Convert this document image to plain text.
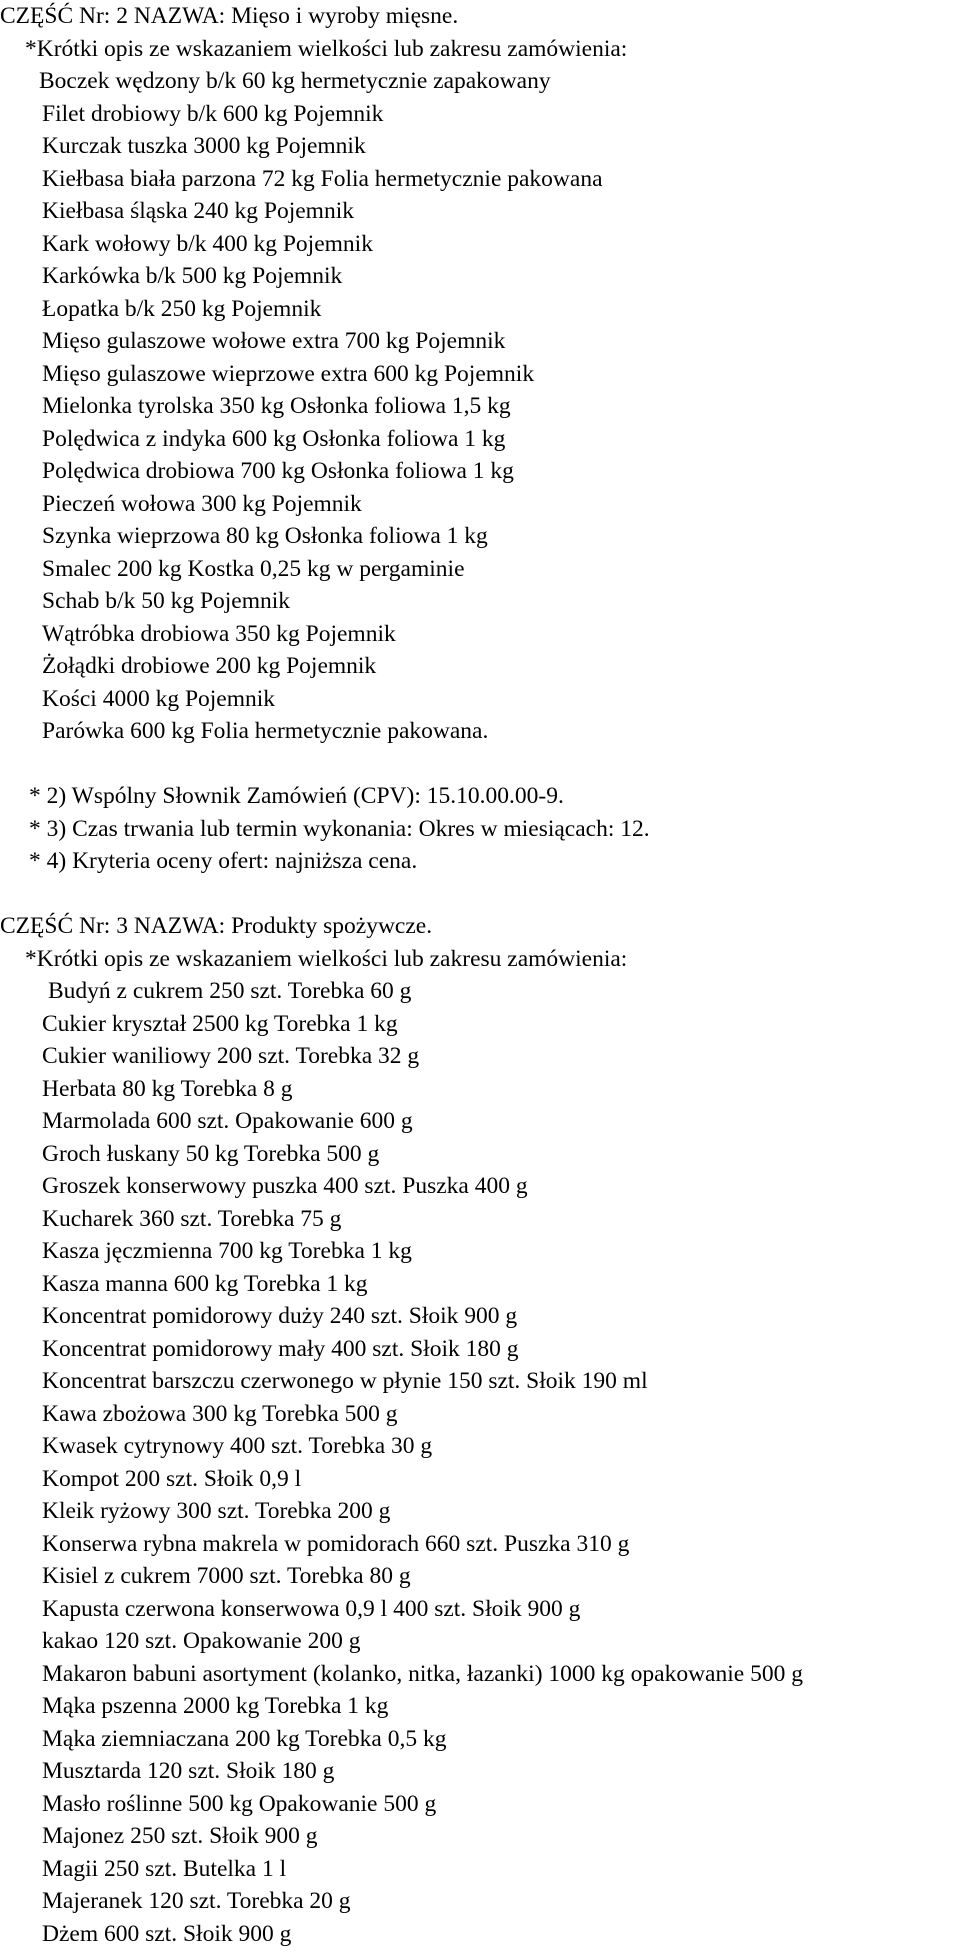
CZĘŚĆ Nr: 2 NAZWA: Mięso i wyroby mięsne.
*Krótki opis ze wskazaniem wielkości lub zakresu zamówienia:
Boczek wędzony b/k 60 kg hermetycznie zapakowany
Filet drobiowy b/k 600 kg Pojemnik
Kurczak tuszka 3000 kg Pojemnik
Kiełbasa biała parzona 72 kg Folia hermetycznie pakowana
Kiełbasa śląska 240 kg Pojemnik
Kark wołowy b/k 400 kg Pojemnik
Karkówka b/k 500 kg Pojemnik
Łopatka b/k 250 kg Pojemnik
Mięso gulaszowe wołowe extra 700 kg Pojemnik
Mięso gulaszowe wieprzowe extra 600 kg Pojemnik
Mielonka tyrolska 350 kg Osłonka foliowa 1,5 kg
Polędwica z indyka 600 kg Osłonka foliowa 1 kg
Polędwica drobiowa 700 kg Osłonka foliowa 1 kg
Pieczeń wołowa 300 kg Pojemnik
Szynka wieprzowa 80 kg Osłonka foliowa 1 kg
Smalec 200 kg Kostka 0,25 kg w pergaminie
Schab b/k 50 kg Pojemnik
Wątróbka drobiowa 350 kg Pojemnik
Żołądki drobiowe 200 kg Pojemnik
Kości 4000 kg Pojemnik
Parówka 600 kg Folia hermetycznie pakowana.
* 2) Wspólny Słownik Zamówień (CPV): 15.10.00.00-9.
* 3) Czas trwania lub termin wykonania: Okres w miesiącach: 12.
* 4) Kryteria oceny ofert: najniższa cena.
CZĘŚĆ Nr: 3 NAZWA: Produkty spożywcze.
*Krótki opis ze wskazaniem wielkości lub zakresu zamówienia:
Budyń z cukrem 250 szt. Torebka 60 g
Cukier kryształ 2500 kg Torebka 1 kg
Cukier waniliowy 200 szt. Torebka 32 g
Herbata 80 kg Torebka 8 g
Marmolada 600 szt. Opakowanie 600 g
Groch łuskany 50 kg Torebka 500 g
Groszek konserwowy puszka 400 szt. Puszka 400 g
Kucharek 360 szt. Torebka 75 g
Kasza jęczmienna 700 kg Torebka 1 kg
Kasza manna 600 kg Torebka 1 kg
Koncentrat pomidorowy duży 240 szt. Słoik 900 g
Koncentrat pomidorowy mały 400 szt. Słoik 180 g
Koncentrat barszczu czerwonego w płynie 150 szt. Słoik 190 ml
Kawa zbożowa 300 kg Torebka 500 g
Kwasek cytrynowy 400 szt. Torebka 30 g
Kompot 200 szt. Słoik 0,9 l
Kleik ryżowy 300 szt. Torebka 200 g
Konserwa rybna makrela w pomidorach 660 szt. Puszka 310 g
Kisiel z cukrem 7000 szt. Torebka 80 g
Kapusta czerwona konserwowa 0,9 l 400 szt. Słoik 900 g
kakao 120 szt. Opakowanie 200 g
Makaron babuni asortyment (kolanko, nitka, łazanki) 1000 kg opakowanie 500 g
Mąka pszenna 2000 kg Torebka 1 kg
Mąka ziemniaczana 200 kg Torebka 0,5 kg
Musztarda 120 szt. Słoik 180 g
Masło roślinne 500 kg Opakowanie 500 g
Majonez 250 szt. Słoik 900 g
Magii 250 szt. Butelka 1 l
Majeranek 120 szt. Torebka 20 g
Dżem 600 szt. Słoik 900 g
